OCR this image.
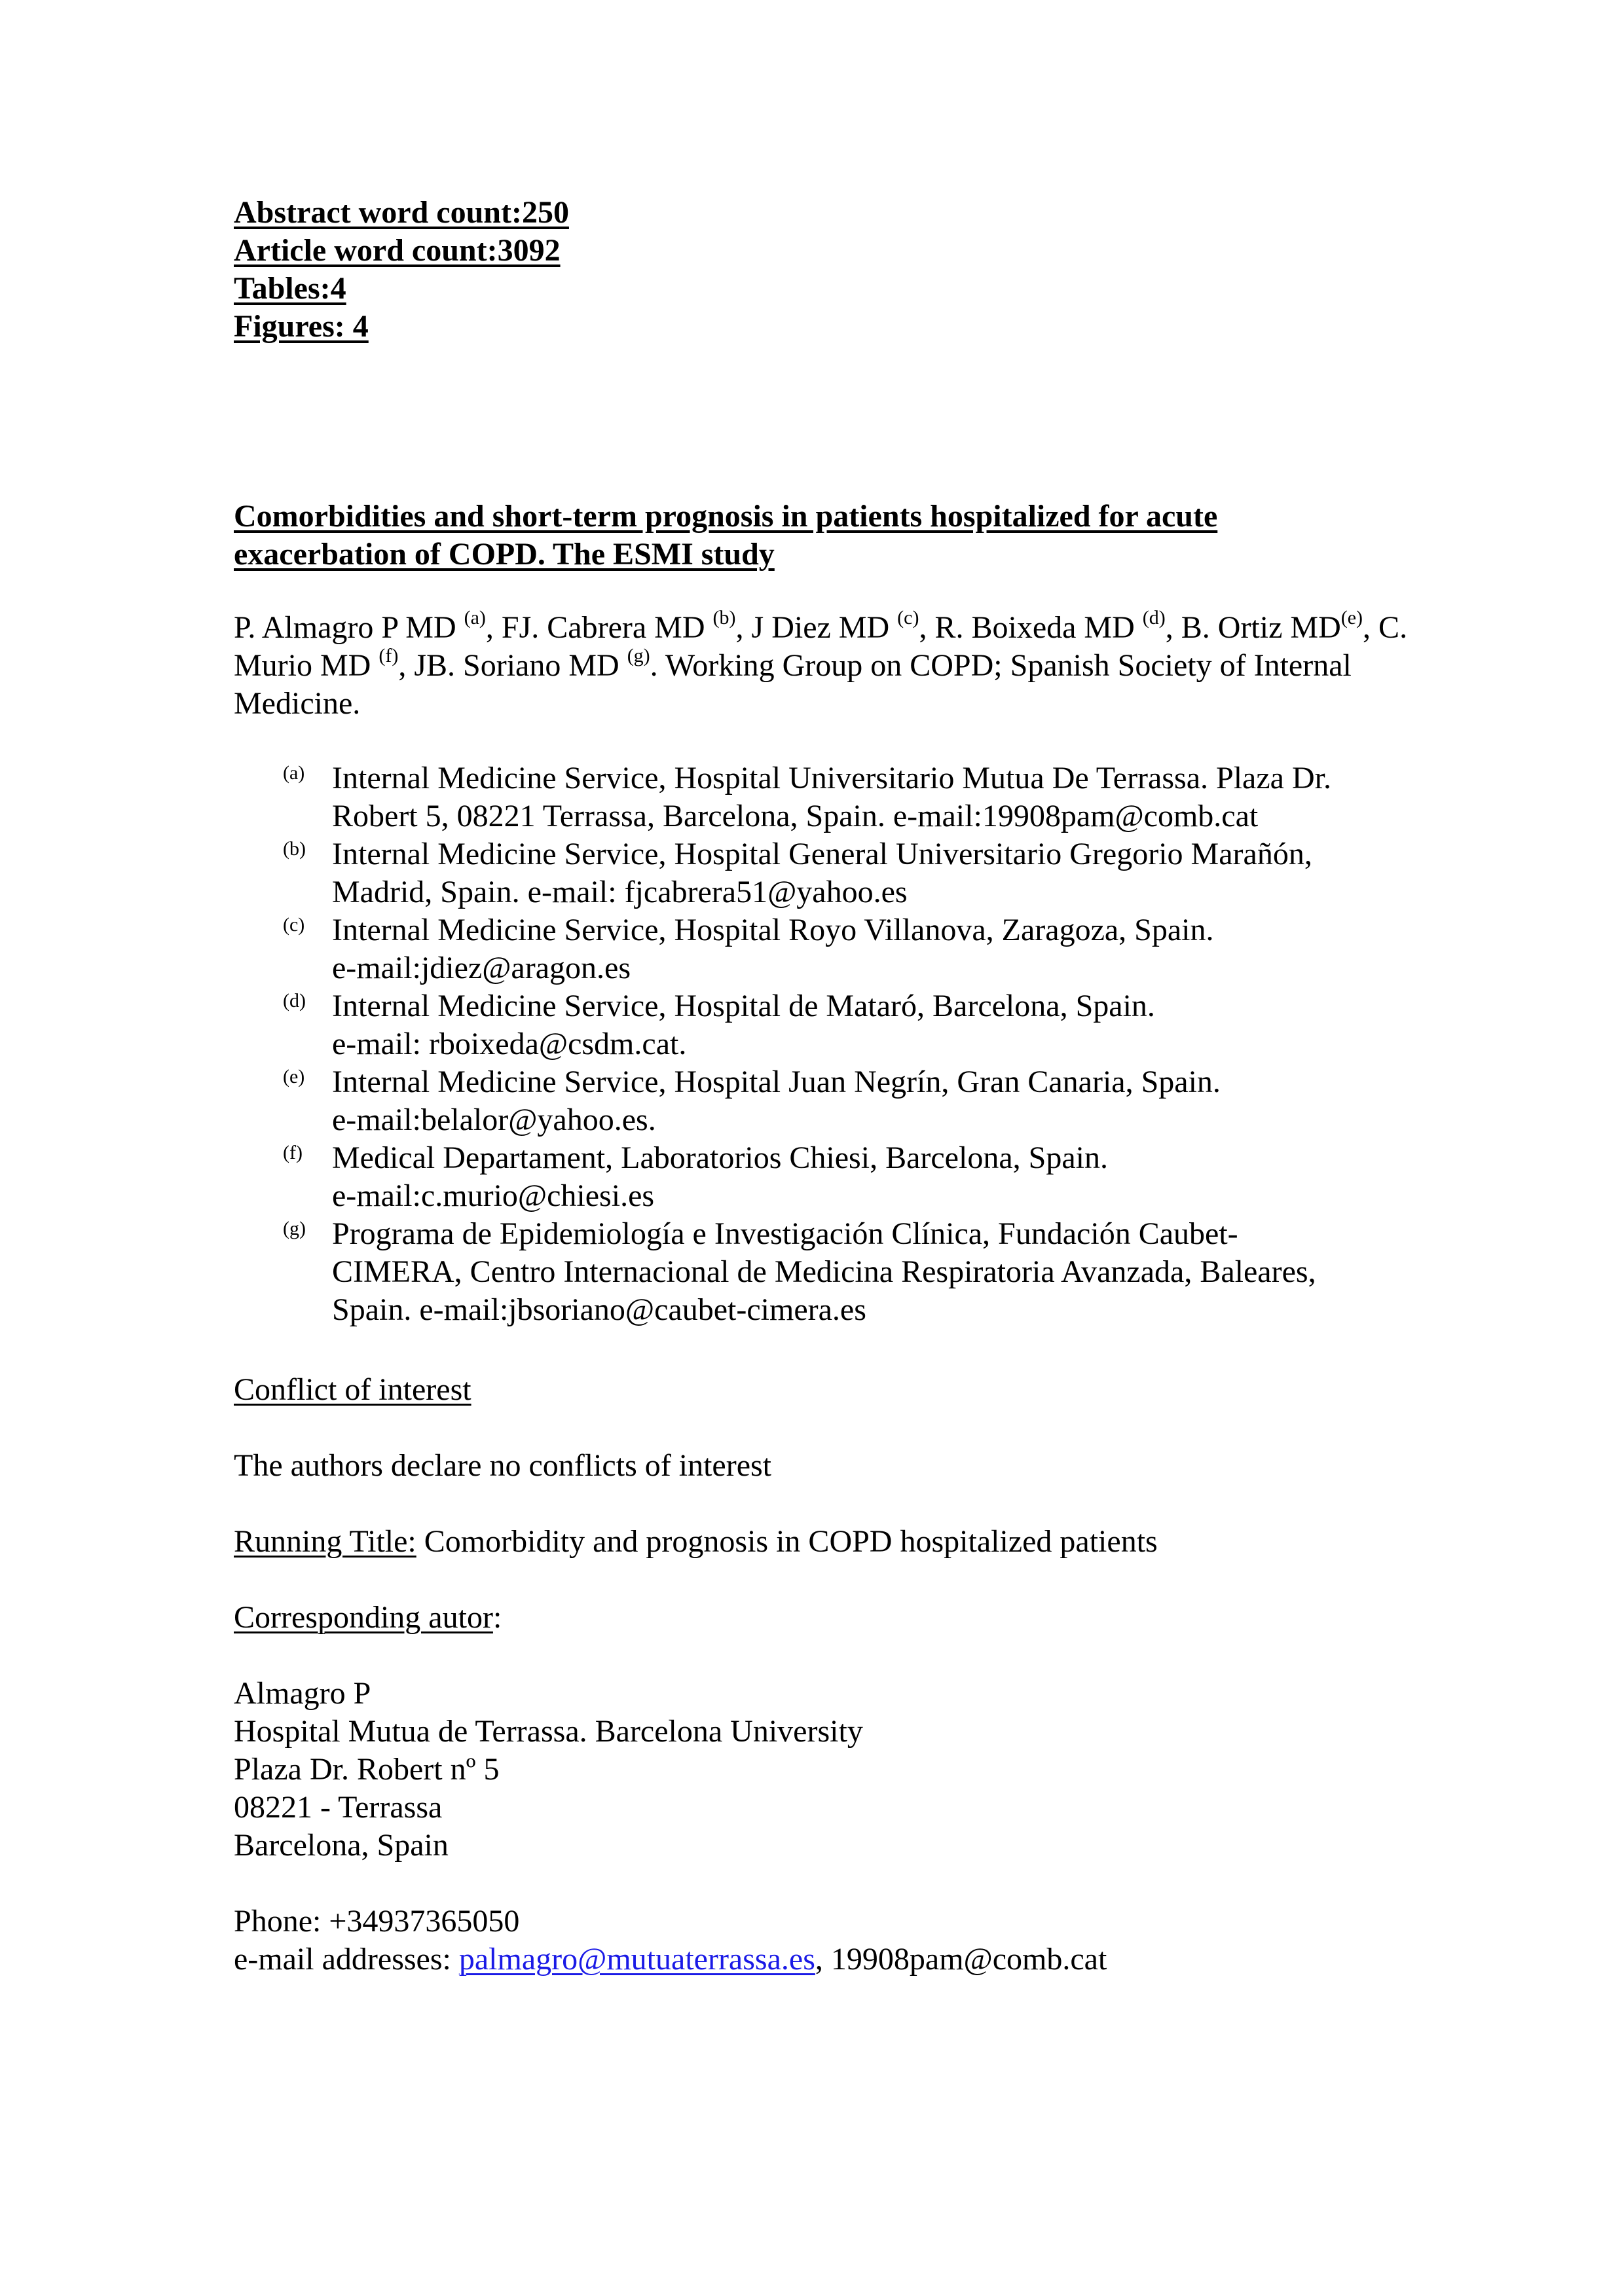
Abstract word count:250
Article word count:3092
Tables:4
Figures: 4
Comorbidities and short-term prognosis in patients hospitalized for acute
exacerbation of COPD. The ESMI study
P. Almagro P MD $^{(a)}$, FJ. Cabrera MD $^{(b)}$, J Diez MD $^{(c)}$, R. Boixeda MD $^{(d)}$, B. Ortiz MD$^{(e)}$, C. Murio MD $^{(f)}$, JB. Soriano MD $^{(g)}$. Working Group on COPD; Spanish Society of Internal Medicine.
(a) Internal Medicine Service, Hospital Universitario Mutua De Terrassa. Plaza Dr.
Robert 5, 08221 Terrassa, Barcelona, Spain. e-mail:19908pam@comb.cat
(b) Internal Medicine Service, Hospital General Universitario Gregorio Marañón,
Madrid, Spain. e-mail: fjcabrera51@yahoo.es
(c) Internal Medicine Service, Hospital Royo Villanova, Zaragoza, Spain.
e-mail:jdiez@aragon.es
(d) Internal Medicine Service, Hospital de Mataró, Barcelona, Spain.
e-mail: rboixeda@csdm.cat.
(e) Internal Medicine Service, Hospital Juan Negrín, Gran Canaria, Spain.
e-mail:belalor@yahoo.es.
(f) Medical Departament, Laboratorios Chiesi, Barcelona, Spain.
e-mail:c.murio@chiesi.es
(g) Programa de Epidemiología e Investigación Clínica, Fundación Caubet-
CIMERA, Centro Internacional de Medicina Respiratoria Avanzada, Baleares,
Spain. e-mail:jbsoriano@caubet-cimera.es
Conflict of interest
The authors declare no conflicts of interest
Running Title: Comorbidity and prognosis in COPD hospitalized patients
Corresponding autor:
Almagro P
Hospital Mutua de Terrassa. Barcelona University
Plaza Dr. Robert nº 5
08221 - Terrassa
Barcelona, Spain
Phone: +34937365050
e-mail addresses: palmagro@mutuaterrassa.es, 19908pam@comb.cat
